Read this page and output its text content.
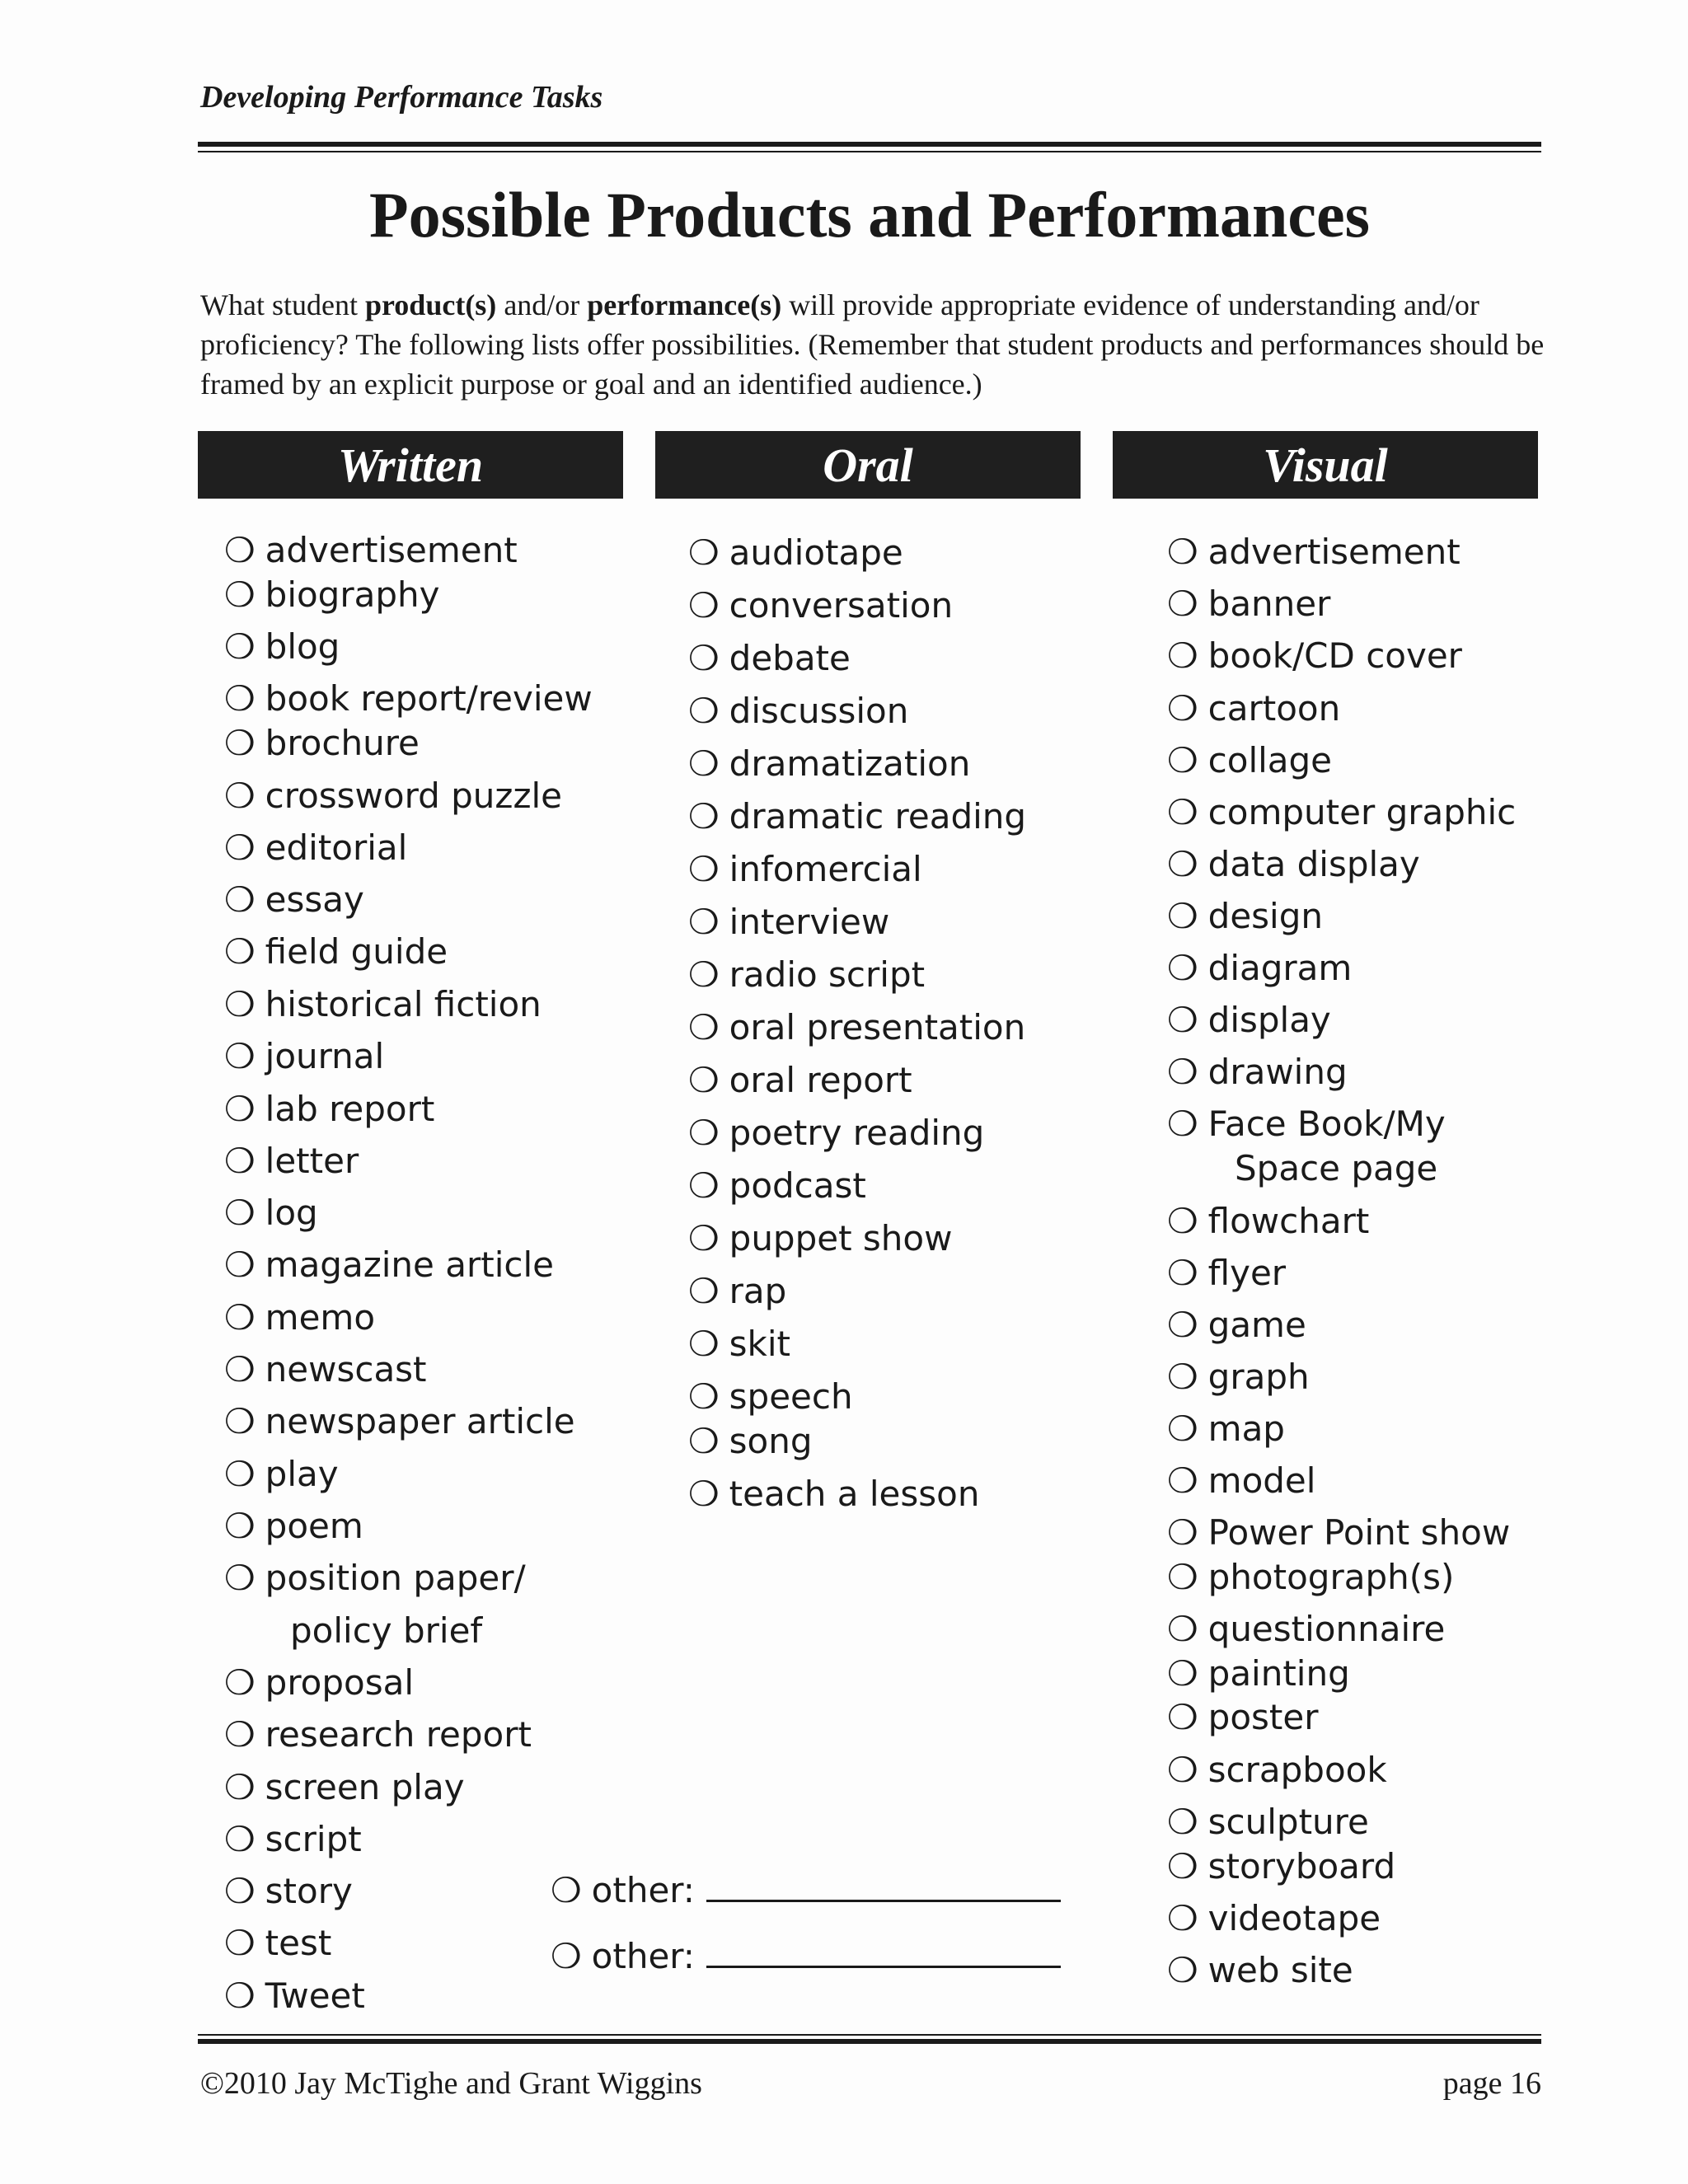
Developing Performance Tasks
Possible Products and Performances
What student product(s) and/or performance(s) will provide appropriate evidence of understanding and/or proficiency? The following lists offer possibilities. (Remember that student products and performances should be framed by an explicit purpose or goal and an identified audience.)
Written	Oral	Visual
❍ advertisement
❍ biography
❍ blog
❍ book report/review
❍ brochure
❍ crossword puzzle
❍ editorial
❍ essay
❍ field guide
❍ historical fiction
❍ journal
❍ lab report
❍ letter
❍ log
❍ magazine article
❍ memo
❍ newscast
❍ newspaper article
❍ play
❍ poem
❍ position paper/
policy brief
❍ proposal
❍ research report
❍ screen play
❍ script
❍ story
❍ test
❍ Tweet
❍ audiotape
❍ conversation
❍ debate
❍ discussion
❍ dramatization
❍ dramatic reading
❍ infomercial
❍ interview
❍ radio script
❍ oral presentation
❍ oral report
❍ poetry reading
❍ podcast
❍ puppet show
❍ rap
❍ skit
❍ speech
❍ song
❍ teach a lesson
❍ advertisement
❍ banner
❍ book/CD cover
❍ cartoon
❍ collage
❍ computer graphic
❍ data display
❍ design
❍ diagram
❍ display
❍ drawing
❍ Face Book/My
Space page
❍ flowchart
❍ flyer
❍ game
❍ graph
❍ map
❍ model
❍ Power Point show
❍ photograph(s)
❍ questionnaire
❍ painting
❍ poster
❍ scrapbook
❍ sculpture
❍ storyboard
❍ videotape
❍ web site
❍ other:
❍ other:
©2010 Jay McTighe and Grant Wiggins	page 16
